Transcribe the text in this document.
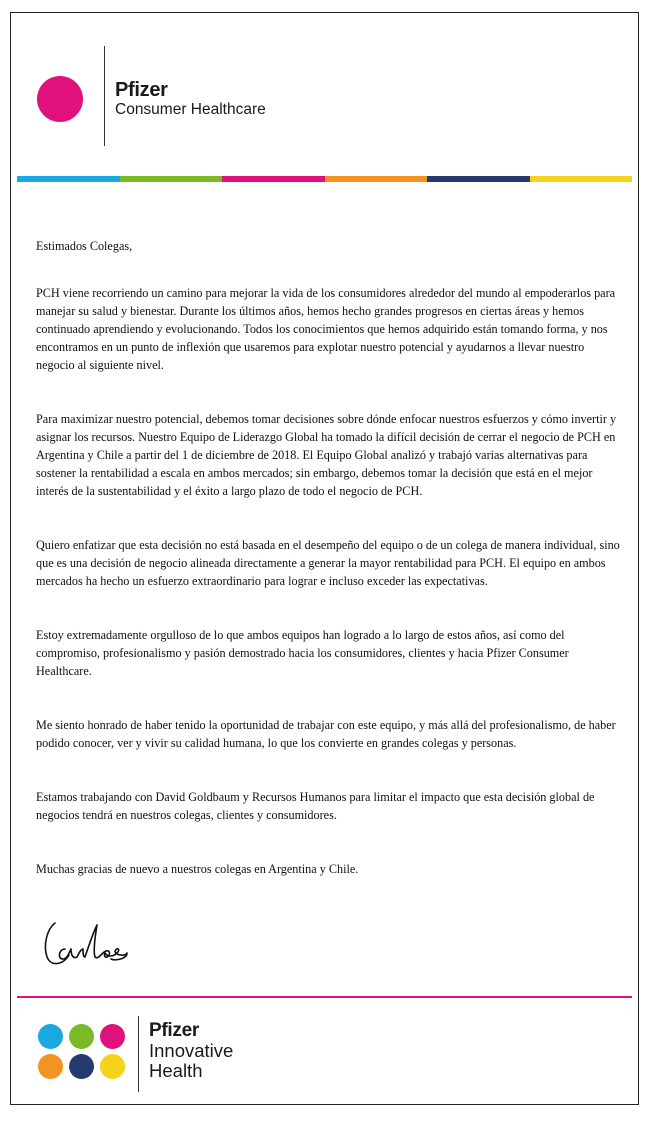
Pfizer
Consumer Healthcare

Estimados Colegas,

PCH viene recorriendo un camino para mejorar la vida de los consumidores alrededor del mundo al empoderarlos para manejar su salud y bienestar. Durante los últimos años, hemos hecho grandes progresos en ciertas áreas y hemos continuado aprendiendo y evolucionando. Todos los conocimientos que hemos adquirido están tomando forma, y nos encontramos en un punto de inflexión que usaremos para explotar nuestro potencial y ayudarnos a llevar nuestro negocio al siguiente nivel.

Para maximizar nuestro potencial, debemos tomar decisiones sobre dónde enfocar nuestros esfuerzos y cómo invertir y asignar los recursos. Nuestro Equipo de Liderazgo Global ha tomado la difícil decisión de cerrar el negocio de PCH en Argentina y Chile a partir del 1 de diciembre de 2018. El Equipo Global analizó y trabajó varias alternativas para sostener la rentabilidad a escala en ambos mercados; sin embargo, debemos tomar la decisión que está en el mejor interés de la sustentabilidad y el éxito a largo plazo de todo el negocio de PCH.

Quiero enfatizar que esta decisión no está basada en el desempeño del equipo o de un colega de manera individual, sino que es una decisión de negocio alineada directamente a generar la mayor rentabilidad para PCH. El equipo en ambos mercados ha hecho un esfuerzo extraordinario para lograr e incluso exceder las expectativas.

Estoy extremadamente orgulloso de lo que ambos equipos han logrado a lo largo de estos años, así como del compromiso, profesionalismo y pasión demostrado hacia los consumidores, clientes y hacia Pfizer Consumer Healthcare.

Me siento honrado de haber tenido la oportunidad de trabajar con este equipo, y más allá del profesionalismo, de haber podido conocer, ver y vivir su calidad humana, lo que los convierte en grandes colegas y personas.

Estamos trabajando con David Goldbaum y Recursos Humanos para limitar el impacto que esta decisión global de negocios tendrá en nuestros colegas, clientes y consumidores.

Muchas gracias de nuevo a nuestros colegas en Argentina y Chile.

Pfizer
Innovative
Health
